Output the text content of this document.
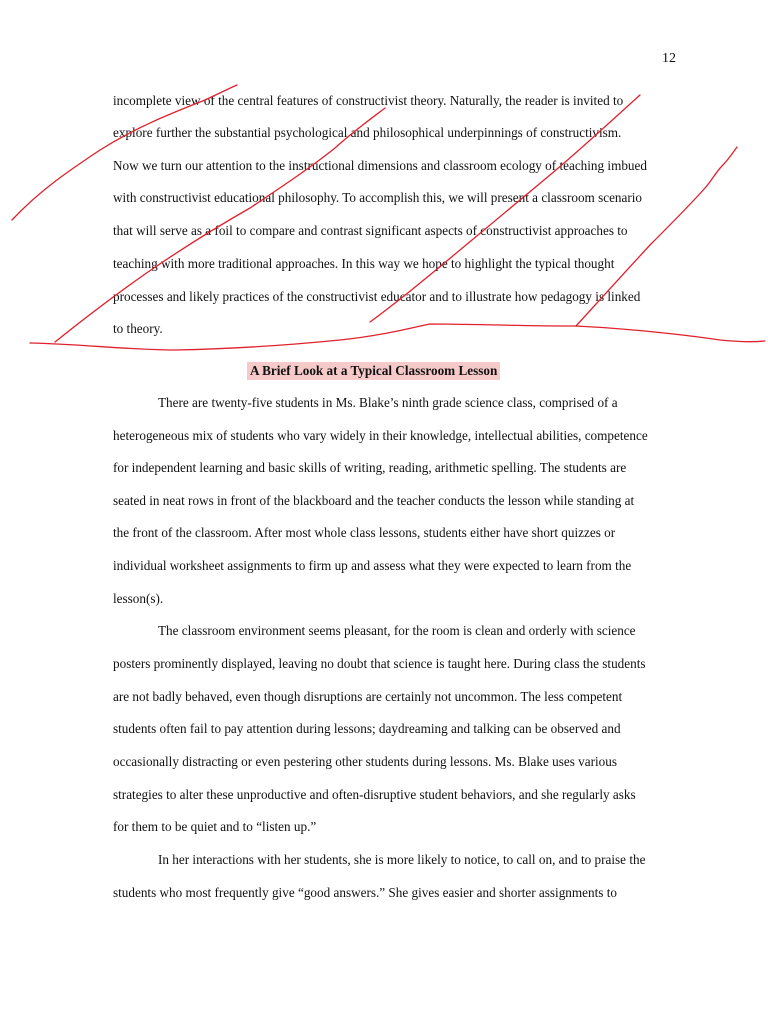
12
incomplete view of the central features of constructivist theory. Naturally, the reader is invited to
explore further the substantial psychological and philosophical underpinnings of constructivism.
Now we turn our attention to the instructional dimensions and classroom ecology of teaching imbued
with constructivist educational philosophy. To accomplish this, we will present a classroom scenario
that will serve as a foil to compare and contrast significant aspects of constructivist approaches to
teaching with more traditional approaches. In this way we hope to highlight the typical thought
processes and likely practices of the constructivist educator and to illustrate how pedagogy is linked
to theory.
A Brief Look at a Typical Classroom Lesson
There are twenty-five students in Ms. Blake’s ninth grade science class, comprised of a
heterogeneous mix of students who vary widely in their knowledge, intellectual abilities, competence
for independent learning and basic skills of writing, reading, arithmetic spelling. The students are
seated in neat rows in front of the blackboard and the teacher conducts the lesson while standing at
the front of the classroom. After most whole class lessons, students either have short quizzes or
individual worksheet assignments to firm up and assess what they were expected to learn from the
lesson(s).
The classroom environment seems pleasant, for the room is clean and orderly with science
posters prominently displayed, leaving no doubt that science is taught here. During class the students
are not badly behaved, even though disruptions are certainly not uncommon. The less competent
students often fail to pay attention during lessons; daydreaming and talking can be observed and
occasionally distracting or even pestering other students during lessons. Ms. Blake uses various
strategies to alter these unproductive and often-disruptive student behaviors, and she regularly asks
for them to be quiet and to “listen up.”
In her interactions with her students, she is more likely to notice, to call on, and to praise the
students who most frequently give “good answers.” She gives easier and shorter assignments to
